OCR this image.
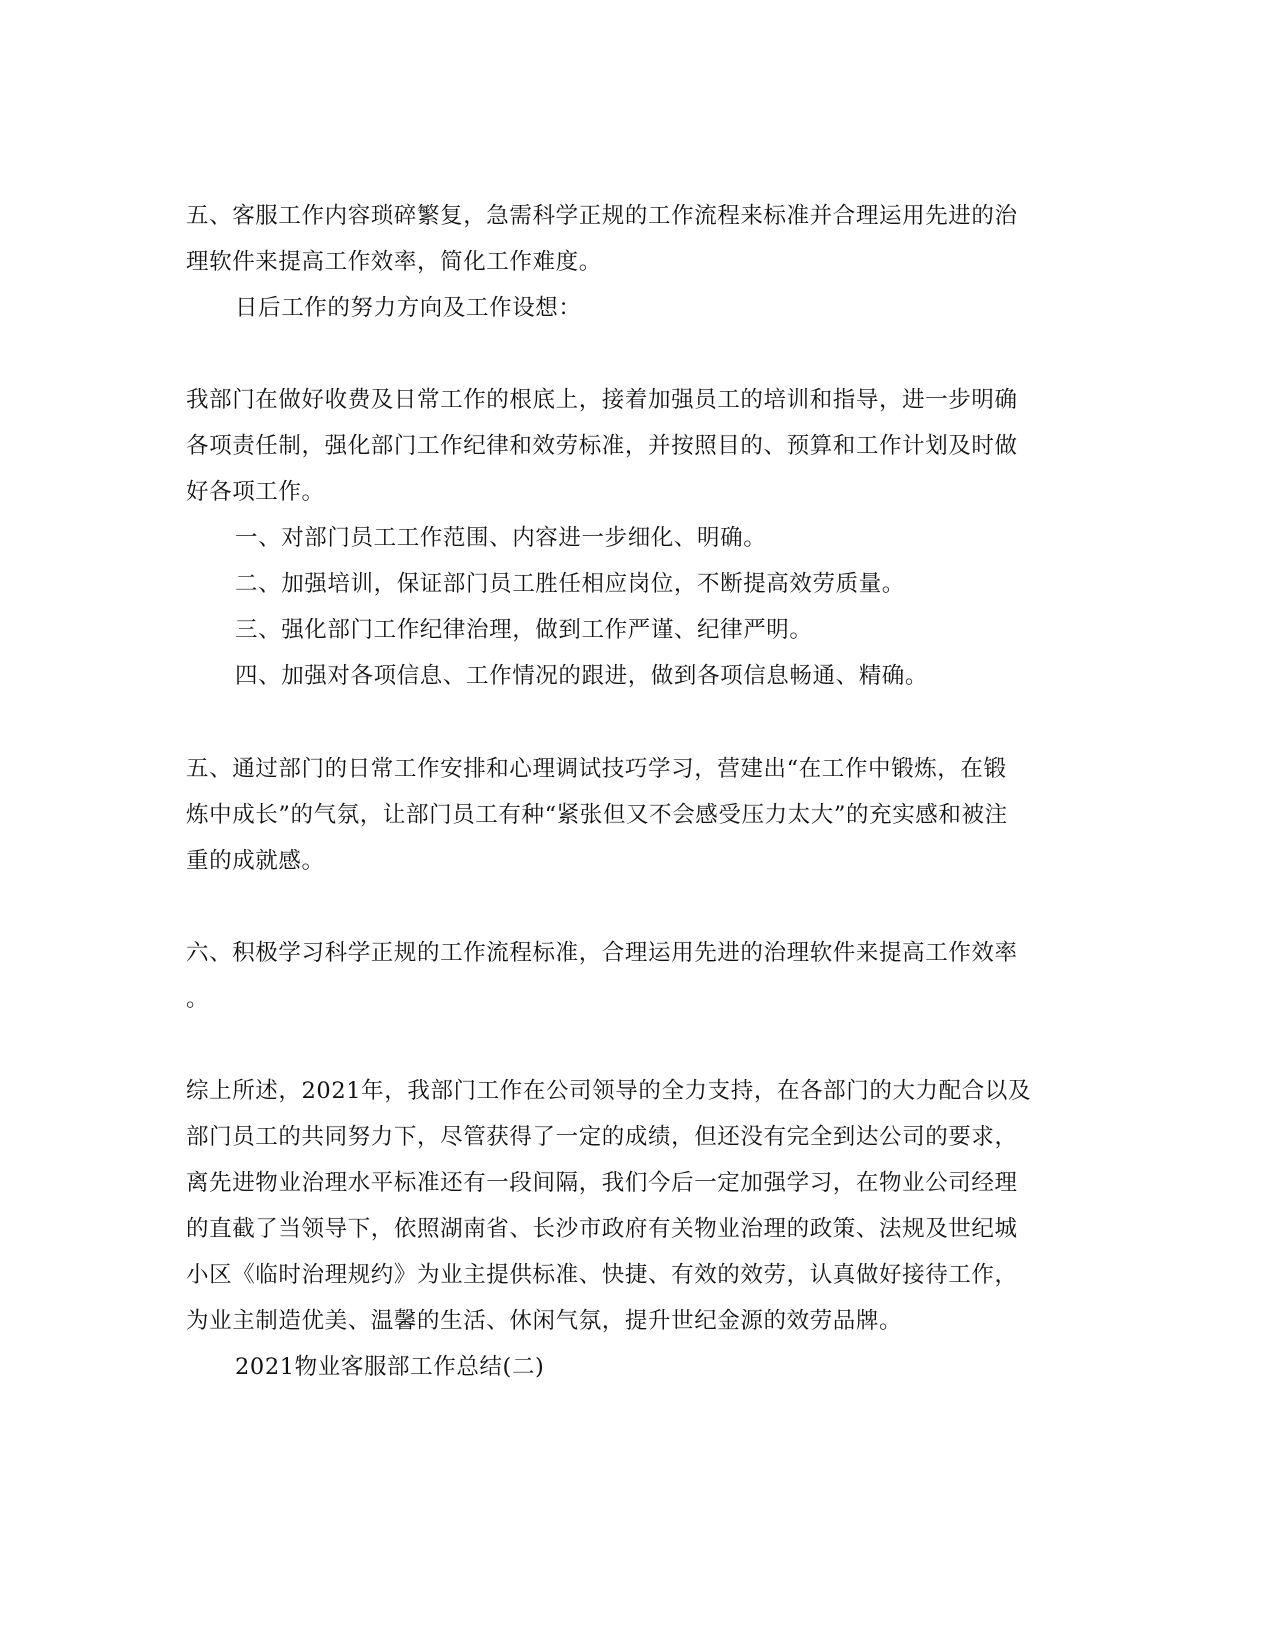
五、客服工作内容琐碎繁复，急需科学正规的工作流程来标准并合理运用先进的治
理软件来提高工作效率，简化工作难度。
日后工作的努力方向及工作设想：
我部门在做好收费及日常工作的根底上，接着加强员工的培训和指导，进一步明确
各项责任制，强化部门工作纪律和效劳标准，并按照目的、预算和工作计划及时做
好各项工作。
一、对部门员工工作范围、内容进一步细化、明确。
二、加强培训，保证部门员工胜任相应岗位，不断提高效劳质量。
三、强化部门工作纪律治理，做到工作严谨、纪律严明。
四、加强对各项信息、工作情况的跟进，做到各项信息畅通、精确。
五、通过部门的日常工作安排和心理调试技巧学习，营建出“在工作中锻炼，在锻
炼中成长”的气氛，让部门员工有种“紧张但又不会感受压力太大”的充实感和被注
重的成就感。
六、积极学习科学正规的工作流程标准，合理运用先进的治理软件来提高工作效率
。
综上所述，2021年，我部门工作在公司领导的全力支持，在各部门的大力配合以及
部门员工的共同努力下，尽管获得了一定的成绩，但还没有完全到达公司的要求，
离先进物业治理水平标准还有一段间隔，我们今后一定加强学习，在物业公司经理
的直截了当领导下，依照湖南省、长沙市政府有关物业治理的政策、法规及世纪城
小区《临时治理规约》为业主提供标准、快捷、有效的效劳，认真做好接待工作，
为业主制造优美、温馨的生活、休闲气氛，提升世纪金源的效劳品牌。
2021物业客服部工作总结(二)
